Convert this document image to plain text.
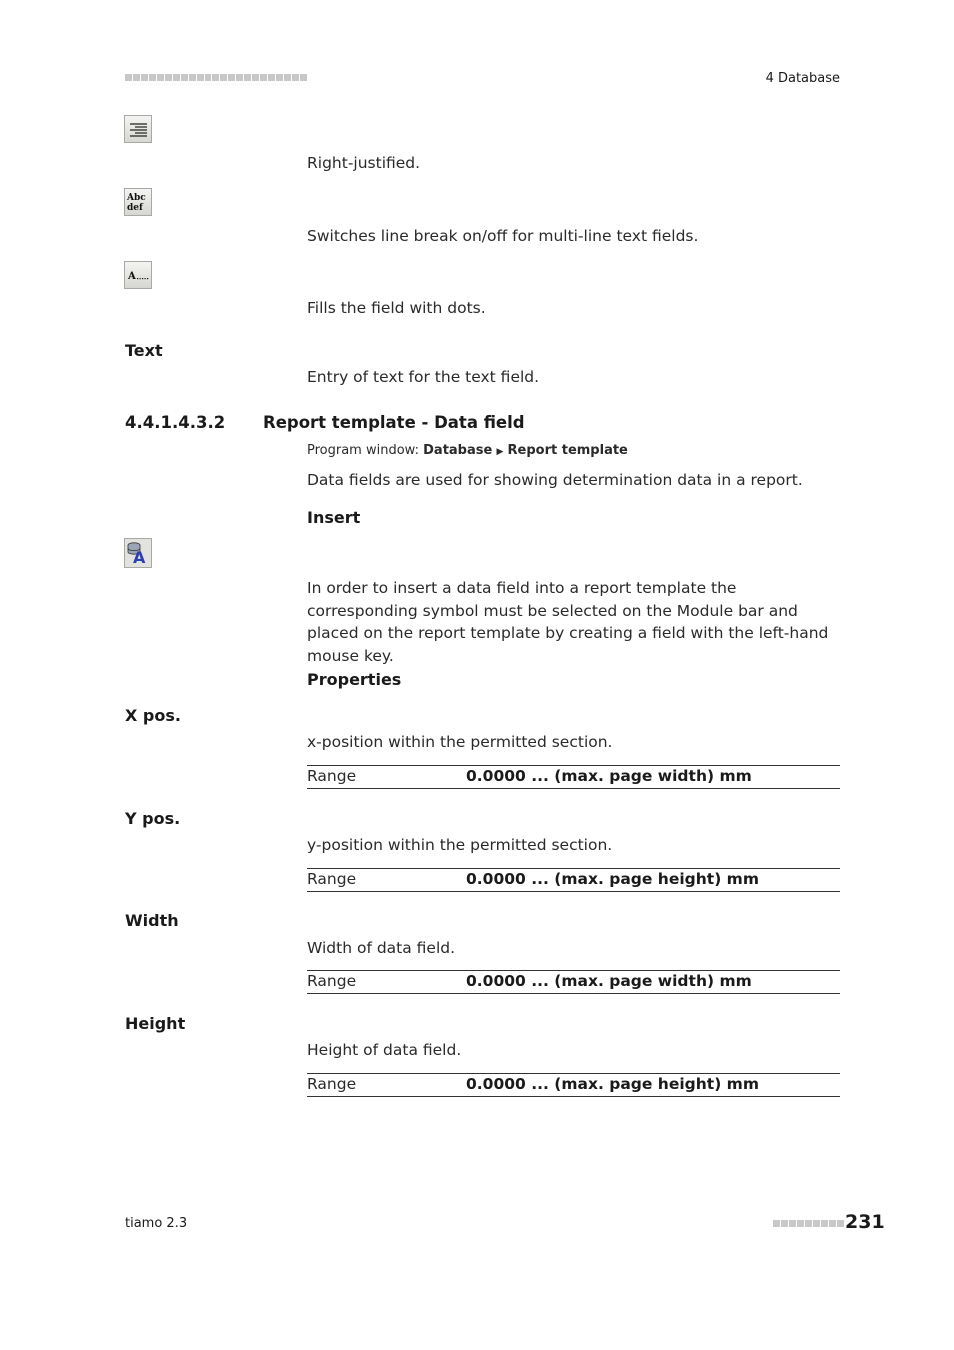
4 Database
Right-justified.
Abc
def
Switches line break on/off for multi-line text fields.
A
Fills the field with dots.
Text
Entry of text for the text field.
4.4.1.4.3.2 Report template - Data field
Program window: Database ▶ Report template
Data fields are used for showing determination data in a report.
Insert
A
In order to insert a data field into a report template the corresponding symbol must be selected on the Module bar and placed on the report template by creating a field with the left-hand mouse key.
Properties
X pos.
x-position within the permitted section.
Range	0.0000 ... (max. page width) mm
Y pos.
y-position within the permitted section.
Range	0.0000 ... (max. page height) mm
Width
Width of data field.
Range	0.0000 ... (max. page width) mm
Height
Height of data field.
Range	0.0000 ... (max. page height) mm
tiamo 2.3	231
